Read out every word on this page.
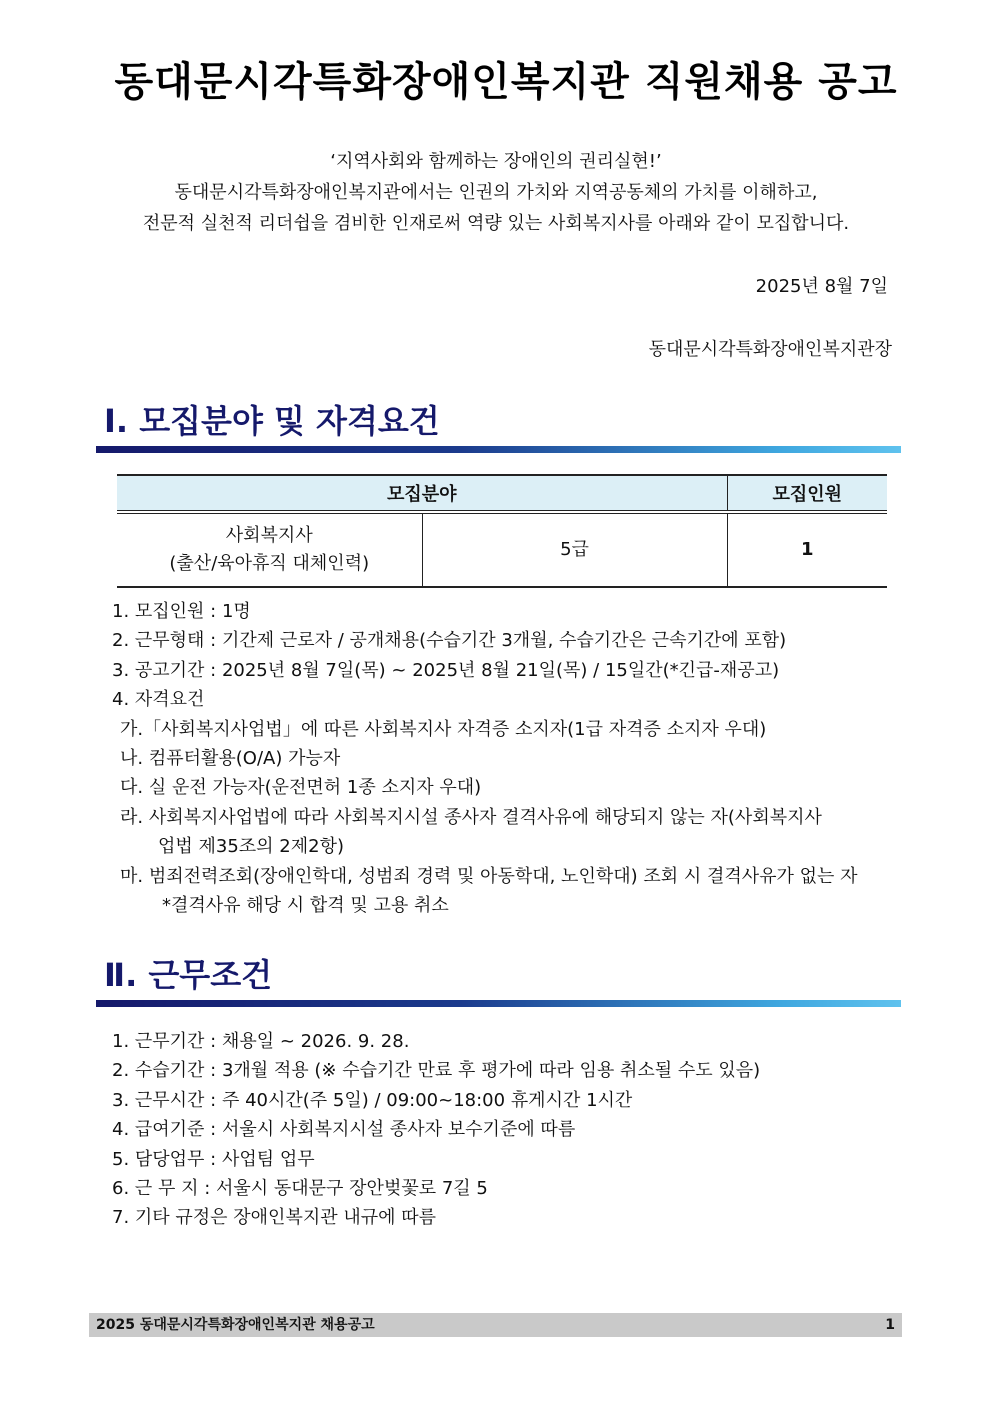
동대문시각특화장애인복지관 직원채용 공고
‘지역사회와 함께하는 장애인의 권리실현!’
동대문시각특화장애인복지관에서는 인권의 가치와 지역공동체의 가치를 이해하고,
전문적 실천적 리더쉽을 겸비한 인재로써 역량 있는 사회복지사를 아래와 같이 모집합니다.
2025년 8월 7일
동대문시각특화장애인복지관장
Ⅰ. 모집분야 및 자격요건
모집분야		모집인원

사회복지사
(출산/육아휴직 대체인력)	5급	1
1. 모집인원 : 1명
2. 근무형태 : 기간제 근로자 / 공개채용(수습기간 3개월, 수습기간은 근속기간에 포함)
3. 공고기간 : 2025년 8월 7일(목) ~ 2025년 8월 21일(목) / 15일간(*긴급-재공고)
4. 자격요건
가.「사회복지사업법」에 따른 사회복지사 자격증 소지자(1급 자격증 소지자 우대)
나. 컴퓨터활용(O/A) 가능자
다. 실 운전 가능자(운전면허 1종 소지자 우대)
라. 사회복지사업법에 따라 사회복지시설 종사자 결격사유에 해당되지 않는 자(사회복지사
업법 제35조의 2제2항)
마. 범죄전력조회(장애인학대, 성범죄 경력 및 아동학대, 노인학대) 조회 시 결격사유가 없는 자
*결격사유 해당 시 합격 및 고용 취소
Ⅱ. 근무조건
1. 근무기간 : 채용일 ~ 2026. 9. 28.
2. 수습기간 : 3개월 적용 (※ 수습기간 만료 후 평가에 따라 임용 취소될 수도 있음)
3. 근무시간 : 주 40시간(주 5일) / 09:00~18:00 휴게시간 1시간
4. 급여기준 : 서울시 사회복지시설 종사자 보수기준에 따름
5. 담당업무 : 사업팀 업무
6. 근 무 지 : 서울시 동대문구 장안벚꽃로 7길 5
7. 기타 규정은 장애인복지관 내규에 따름
2025 동대문시각특화장애인복지관 채용공고	1
